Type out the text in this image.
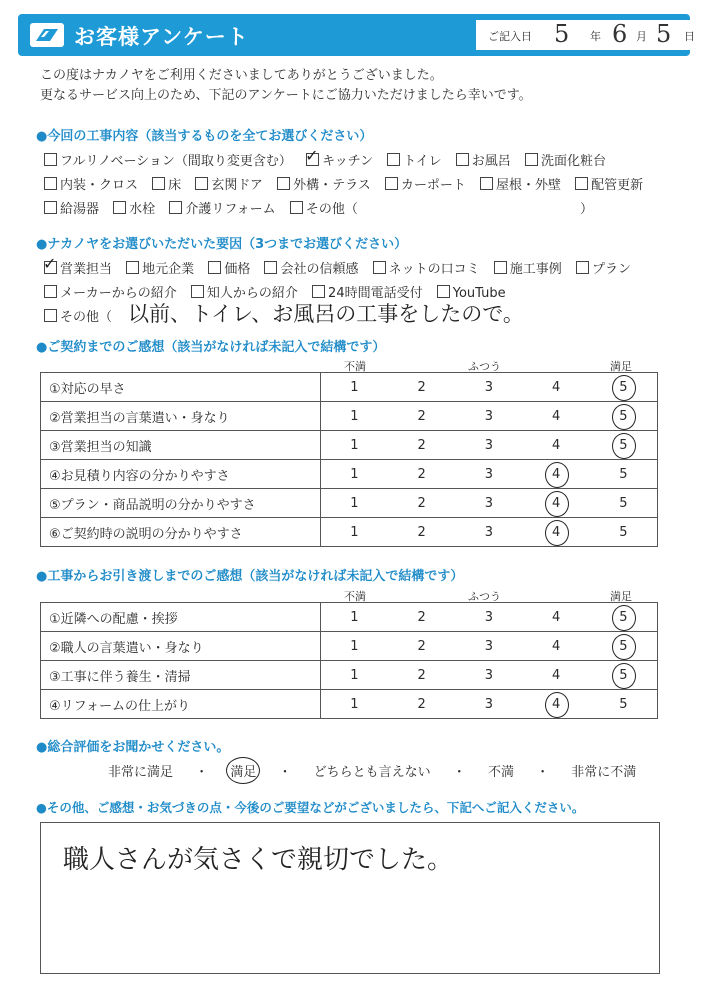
お客様アンケート	ご記入日 5 年 6 月 5 日
この度はナカノヤをご利用くださいましてありがとうございました。
更なるサービス向上のため、下記のアンケートにご協力いただけましたら幸いです。
●今回の工事内容（該当するものを全てお選びください）
フルリノベーション（間取り変更含む） ✓ キッチン トイレ お風呂 洗面化粧台
内装・クロス 床 玄関ドア 外構・テラス カーポート 屋根・外壁 配管更新
給湯器 水栓 介護リフォーム その他（	）
●ナカノヤをお選びいただいた要因（3つまでお選びください）
✓ 営業担当 地元企業 価格 会社の信頼感 ネットの口コミ 施工事例 プラン
メーカーからの紹介 知人からの紹介 24時間電話受付 YouTube
その他（ 以前、トイレ、お風呂の工事をしたので。
●ご契約までのご感想（該当がなければ未記入で結構です）
不満	ふつう	満足
①対応の早さ	1	2	3	4	5

②営業担当の言葉遣い・身なり	1	2	3	4	5

③営業担当の知識	1	2	3	4	5

④お見積り内容の分かりやすさ	1	2	3	4	5
⑤プラン・商品説明の分かりやすさ	1	2	3	4	5
⑥ご契約時の説明の分かりやすさ	1	2	3	4	5
●工事からお引き渡しまでのご感想（該当がなければ未記入で結構です）
不満	ふつう	満足
①近隣への配慮・挨拶	1	2	3	4	5

②職人の言葉遣い・身なり	1	2	3	4	5

③工事に伴う養生・清掃	1	2	3	4	5

④リフォームの仕上がり	1	2	3	4	5
●総合評価をお聞かせください。
非常に満足 ・ 満足 ・ どちらとも言えない ・ 不満 ・ 非常に不満
●その他、ご感想・お気づきの点・今後のご要望などがございましたら、下記へご記入ください。
職人さんが気さくで親切でした。
